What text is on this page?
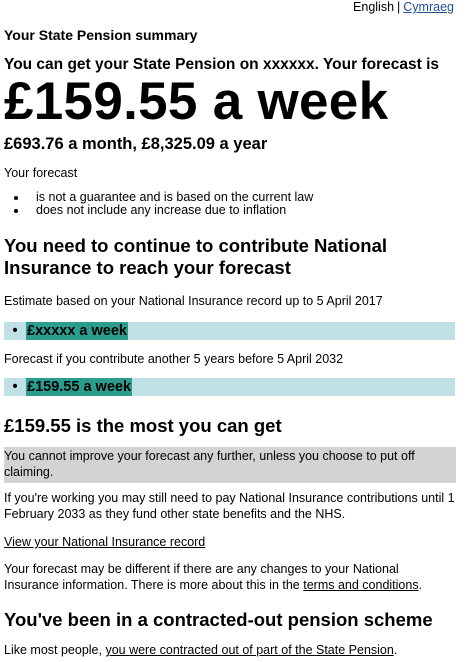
English | Cymraeg
Your State Pension summary

You can get your State Pension on xxxxxx. Your forecast is

£159.55 a week

£693.76 a month, £8,325.09 a year

Your forecast

• is not a guarantee and is based on the current law
• does not include any increase due to inflation
You need to continue to contribute National Insurance to reach your forecast

Estimate based on your National Insurance record up to 5 April 2017

• £xxxxx a week

Forecast if you contribute another 5 years before 5 April 2032

• £159.55 a week
£159.55 is the most you can get
You cannot improve your forecast any further, unless you choose to put off claiming.

If you're working you may still need to pay National Insurance contributions until 1 February 2033 as they fund other state benefits and the NHS.

View your National Insurance record

Your forecast may be different if there are any changes to your National Insurance information. There is more about this in the terms and conditions.

You've been in a contracted-out pension scheme

Like most people, you were contracted out of part of the State Pension.
